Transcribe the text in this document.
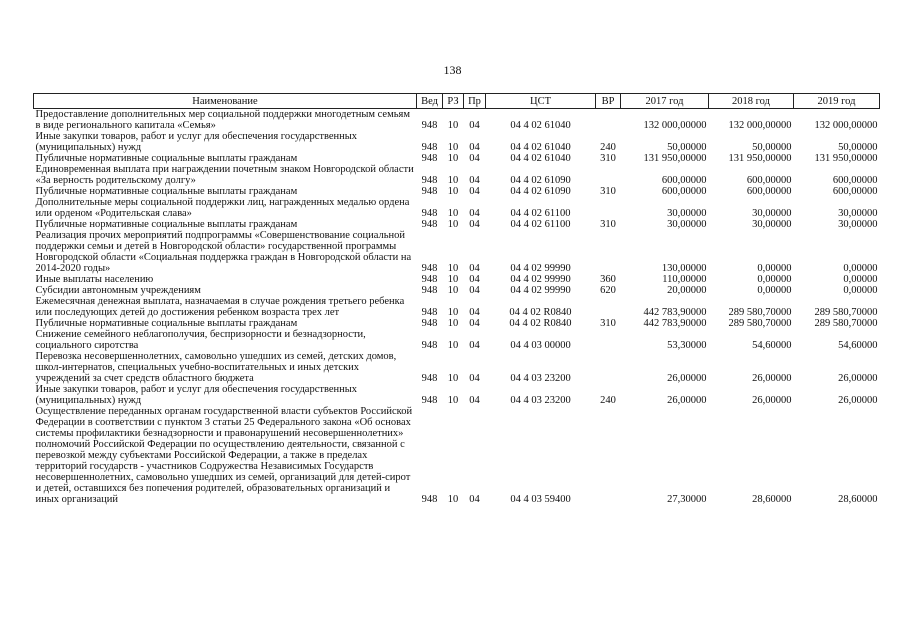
138
Наименование	Вед	РЗ	Пр	ЦСТ	ВР	2017 год	2018 год	2019 год
Предоставление дополнительных мер социальной поддержки многодетным семьям в виде регионального капитала «Семья»	948	10	04	04 4 02 61040		132 000,00000	132 000,00000	132 000,00000
Иные закупки товаров, работ и услуг для обеспечения государственных (муниципальных) нужд	948	10	04	04 4 02 61040	240	50,00000	50,00000	50,00000
Публичные нормативные социальные выплаты гражданам	948	10	04	04 4 02 61040	310	131 950,00000	131 950,00000	131 950,00000
Единовременная выплата при награждении почетным знаком Новгородской области «За верность родительскому долгу»	948	10	04	04 4 02 61090		600,00000	600,00000	600,00000
Публичные нормативные социальные выплаты гражданам	948	10	04	04 4 02 61090	310	600,00000	600,00000	600,00000
Дополнительные меры социальной поддержки лиц, награжденных медалью ордена или орденом «Родительская слава»	948	10	04	04 4 02 61100		30,00000	30,00000	30,00000
Публичные нормативные социальные выплаты гражданам	948	10	04	04 4 02 61100	310	30,00000	30,00000	30,00000
Реализация прочих мероприятий подпрограммы «Совершенствование социальной поддержки семьи и детей в Новгородской области» государственной программы Новгородской области «Социальная поддержка граждан в Новгородской области на 2014-2020 годы»	948	10	04	04 4 02 99990		130,00000	0,00000	0,00000
Иные выплаты населению	948	10	04	04 4 02 99990	360	110,00000	0,00000	0,00000
Субсидии автономным учреждениям	948	10	04	04 4 02 99990	620	20,00000	0,00000	0,00000
Ежемесячная денежная выплата, назначаемая в случае рождения третьего ребенка или последующих детей до достижения ребенком возраста трех лет	948	10	04	04 4 02 R0840		442 783,90000	289 580,70000	289 580,70000
Публичные нормативные социальные выплаты гражданам	948	10	04	04 4 02 R0840	310	442 783,90000	289 580,70000	289 580,70000
Снижение семейного неблагополучия, беспризорности и безнадзорности, социального сиротства	948	10	04	04 4 03 00000		53,30000	54,60000	54,60000
Перевозка несовершеннолетних, самовольно ушедших из семей, детских домов, школ-интернатов, специальных учебно-воспитательных и иных детских учреждений за счет средств областного бюджета	948	10	04	04 4 03 23200		26,00000	26,00000	26,00000
Иные закупки товаров, работ и услуг для обеспечения государственных (муниципальных) нужд	948	10	04	04 4 03 23200	240	26,00000	26,00000	26,00000
Осуществление переданных органам государственной власти субъектов Российской Федерации в соответствии с пунктом 3 статьи 25 Федерального закона «Об основах системы профилактики безнадзорности и правонарушений несовершеннолетних» полномочий Российской Федерации по осуществлению деятельности, связанной с перевозкой между субъектами Российской Федерации, а также в пределах территорий государств - участников Содружества Независимых Государств несовершеннолетних, самовольно ушедших из семей, организаций для детей-сирот и детей, оставшихся без попечения родителей, образовательных организаций и иных организаций	948	10	04	04 4 03 59400		27,30000	28,60000	28,60000
